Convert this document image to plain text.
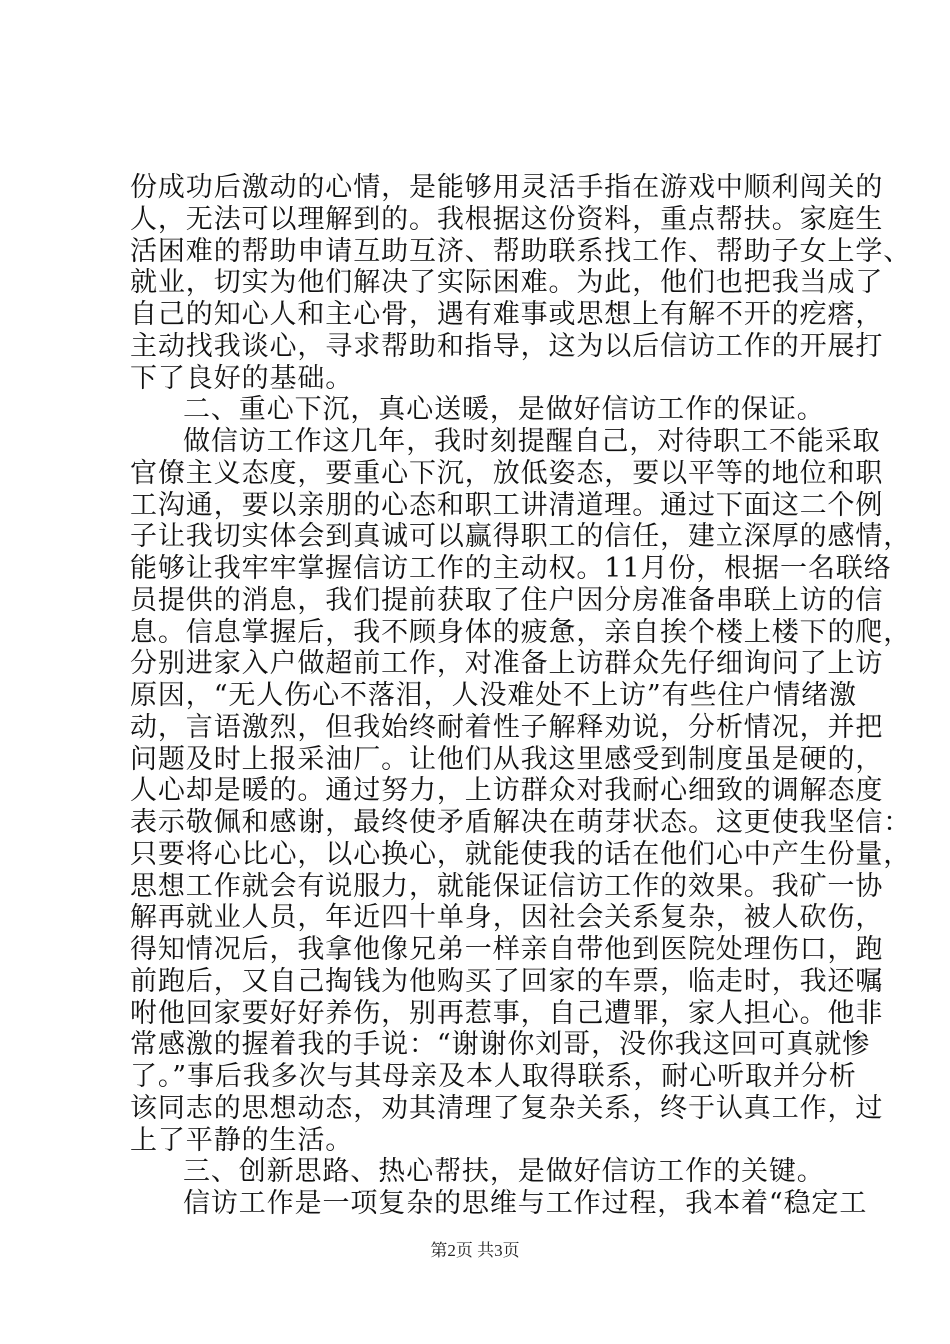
份成功后激动的心情，是能够用灵活手指在游戏中顺利闯关的
人，无法可以理解到的。我根据这份资料，重点帮扶。家庭生
活困难的帮助申请互助互济、帮助联系找工作、帮助子女上学、
就业，切实为他们解决了实际困难。为此，他们也把我当成了
自己的知心人和主心骨，遇有难事或思想上有解不开的疙瘩，
主动找我谈心，寻求帮助和指导，这为以后信访工作的开展打
下了良好的基础。
二、重心下沉，真心送暖，是做好信访工作的保证。
做信访工作这几年，我时刻提醒自己，对待职工不能采取
官僚主义态度，要重心下沉，放低姿态，要以平等的地位和职
工沟通，要以亲朋的心态和职工讲清道理。通过下面这二个例
子让我切实体会到真诚可以赢得职工的信任，建立深厚的感情，
能够让我牢牢掌握信访工作的主动权。11月份，根据一名联络
员提供的消息，我们提前获取了住户因分房准备串联上访的信
息。信息掌握后，我不顾身体的疲惫，亲自挨个楼上楼下的爬，
分别进家入户做超前工作，对准备上访群众先仔细询问了上访
原因，“无人伤心不落泪，人没难处不上访”有些住户情绪激
动，言语激烈，但我始终耐着性子解释劝说，分析情况，并把
问题及时上报采油厂。让他们从我这里感受到制度虽是硬的，
人心却是暖的。通过努力，上访群众对我耐心细致的调解态度
表示敬佩和感谢，最终使矛盾解决在萌芽状态。这更使我坚信：
只要将心比心，以心换心，就能使我的话在他们心中产生份量，
思想工作就会有说服力，就能保证信访工作的效果。我矿一协
解再就业人员，年近四十单身，因社会关系复杂，被人砍伤，
得知情况后，我拿他像兄弟一样亲自带他到医院处理伤口，跑
前跑后，又自己掏钱为他购买了回家的车票，临走时，我还嘱
咐他回家要好好养伤，别再惹事，自己遭罪，家人担心。他非
常感激的握着我的手说：“谢谢你刘哥，没你我这回可真就惨
了。”事后我多次与其母亲及本人取得联系，耐心听取并分析
该同志的思想动态，劝其清理了复杂关系，终于认真工作，过
上了平静的生活。
三、创新思路、热心帮扶，是做好信访工作的关键。
信访工作是一项复杂的思维与工作过程，我本着“稳定工
第2页 共3页
